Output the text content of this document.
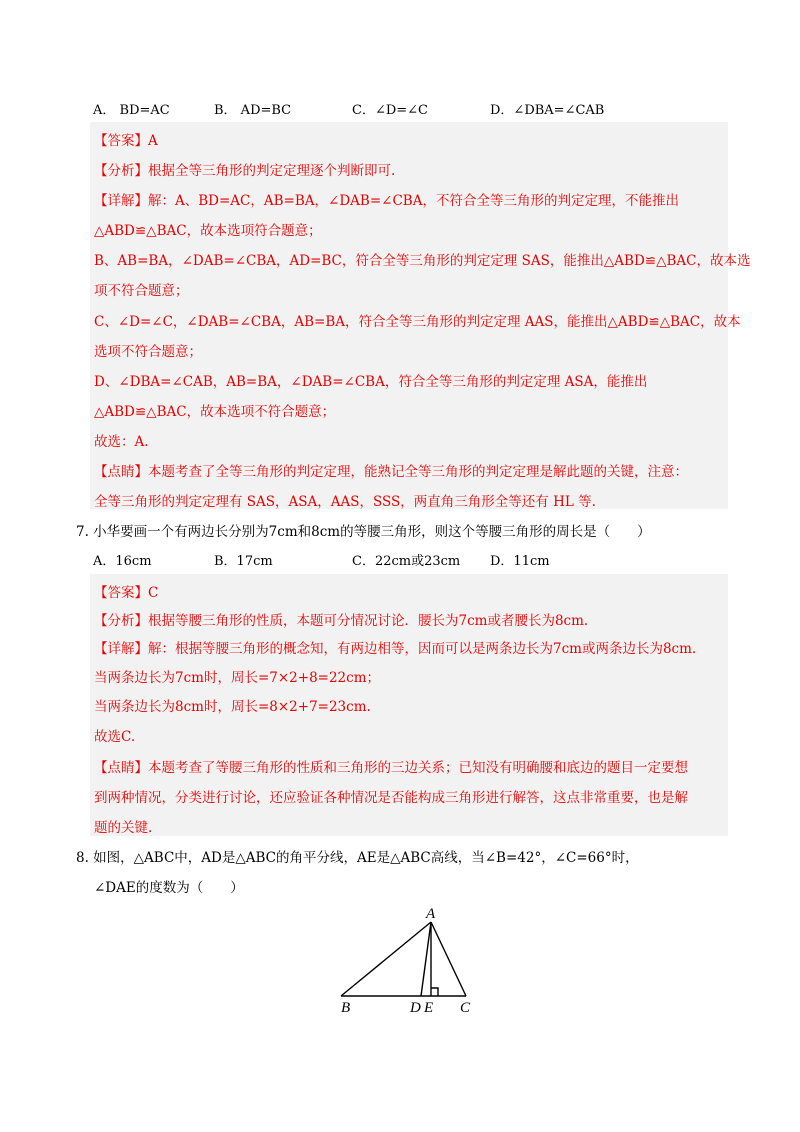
A． BD=AC	B． AD=BC	C．∠D=∠C	D．∠DBA=∠CAB
【答案】A
【分析】根据全等三角形的判定定理逐个判断即可.
【详解】解：A、BD=AC，AB=BA，∠DAB=∠CBA，不符合全等三角形的判定定理，不能推出
△ABD≌△BAC，故本选项符合题意；
B、AB=BA，∠DAB=∠CBA，AD=BC，符合全等三角形的判定定理 SAS，能推出△ABD≌△BAC，故本选
项不符合题意；
C、∠D=∠C，∠DAB=∠CBA，AB=BA，符合全等三角形的判定定理 AAS，能推出△ABD≌△BAC，故本
选项不符合题意；
D、∠DBA=∠CAB，AB=BA，∠DAB=∠CBA，符合全等三角形的判定定理 ASA，能推出
△ABD≌△BAC，故本选项不符合题意；
故选：A.
【点睛】本题考查了全等三角形的判定定理，能熟记全等三角形的判定定理是解此题的关键，注意：
全等三角形的判定定理有 SAS，ASA，AAS，SSS，两直角三角形全等还有 HL 等.
7. 小华要画一个有两边长分别为7cm和8cm的等腰三角形，则这个等腰三角形的周长是（　　）
A．16cm	B．17cm	C．22cm或23cm D．11cm
【答案】C
【分析】根据等腰三角形的性质，本题可分情况讨论．腰长为7cm或者腰长为8cm.
【详解】解：根据等腰三角形的概念知，有两边相等，因而可以是两条边长为7cm或两条边长为8cm.
当两条边长为7cm时，周长=7×2+8=22cm；
当两条边长为8cm时，周长=8×2+7=23cm.
故选C.
【点睛】本题考查了等腰三角形的性质和三角形的三边关系；已知没有明确腰和底边的题目一定要想
到两种情况，分类进行讨论，还应验证各种情况是否能构成三角形进行解答，这点非常重要，也是解
题的关键.
8. 如图，△ABC中，AD是△ABC的角平分线，AE是△ABC高线，当∠B=42°，∠C=66°时，
∠DAE的度数为（　　）
A
B	D E C
